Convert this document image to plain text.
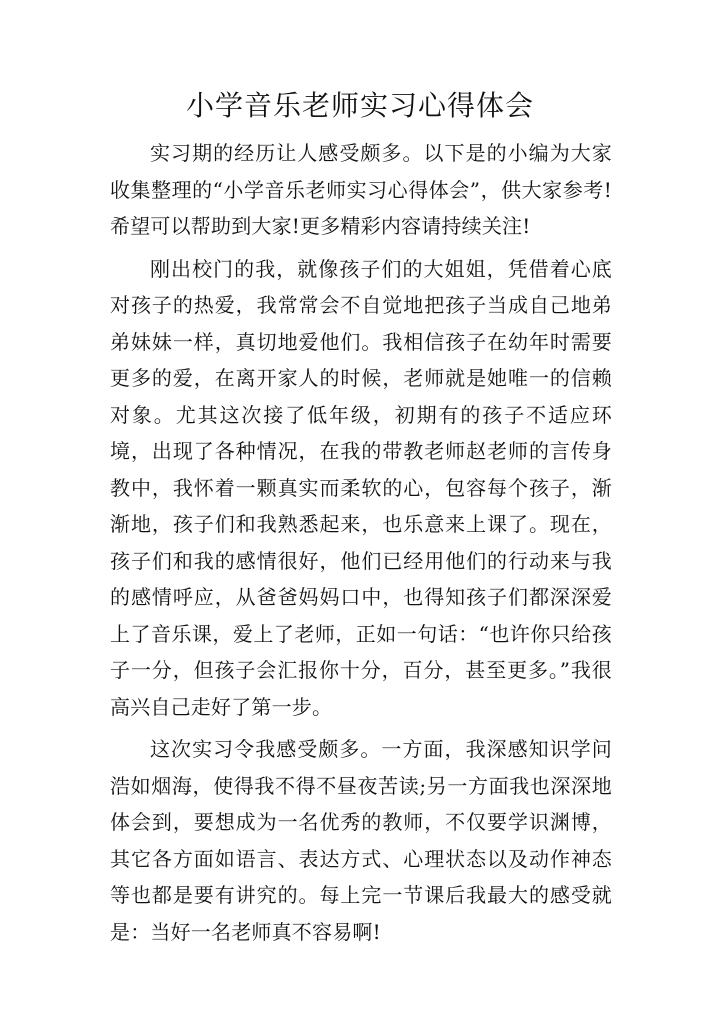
小学音乐老师实习心得体会

实习期的经历让人感受颇多。以下是的小编为大家收集整理的“小学音乐老师实习心得体会”，供大家参考!希望可以帮助到大家!更多精彩内容请持续关注!

刚出校门的我，就像孩子们的大姐姐，凭借着心底对孩子的热爱，我常常会不自觉地把孩子当成自己地弟弟妹妹一样，真切地爱他们。我相信孩子在幼年时需要更多的爱，在离开家人的时候，老师就是她唯一的信赖对象。尤其这次接了低年级，初期有的孩子不适应环境，出现了各种情况，在我的带教老师赵老师的言传身教中，我怀着一颗真实而柔软的心，包容每个孩子，渐渐地，孩子们和我熟悉起来，也乐意来上课了。现在，孩子们和我的感情很好，他们已经用他们的行动来与我的感情呼应，从爸爸妈妈口中，也得知孩子们都深深爱上了音乐课，爱上了老师，正如一句话：“也许你只给孩子一分，但孩子会汇报你十分，百分，甚至更多。”我很高兴自己走好了第一步。

这次实习令我感受颇多。一方面，我深感知识学问浩如烟海，使得我不得不昼夜苦读;另一方面我也深深地体会到，要想成为一名优秀的教师，不仅要学识渊博，其它各方面如语言、表达方式、心理状态以及动作神态等也都是要有讲究的。每上完一节课后我最大的感受就是：当好一名老师真不容易啊!
